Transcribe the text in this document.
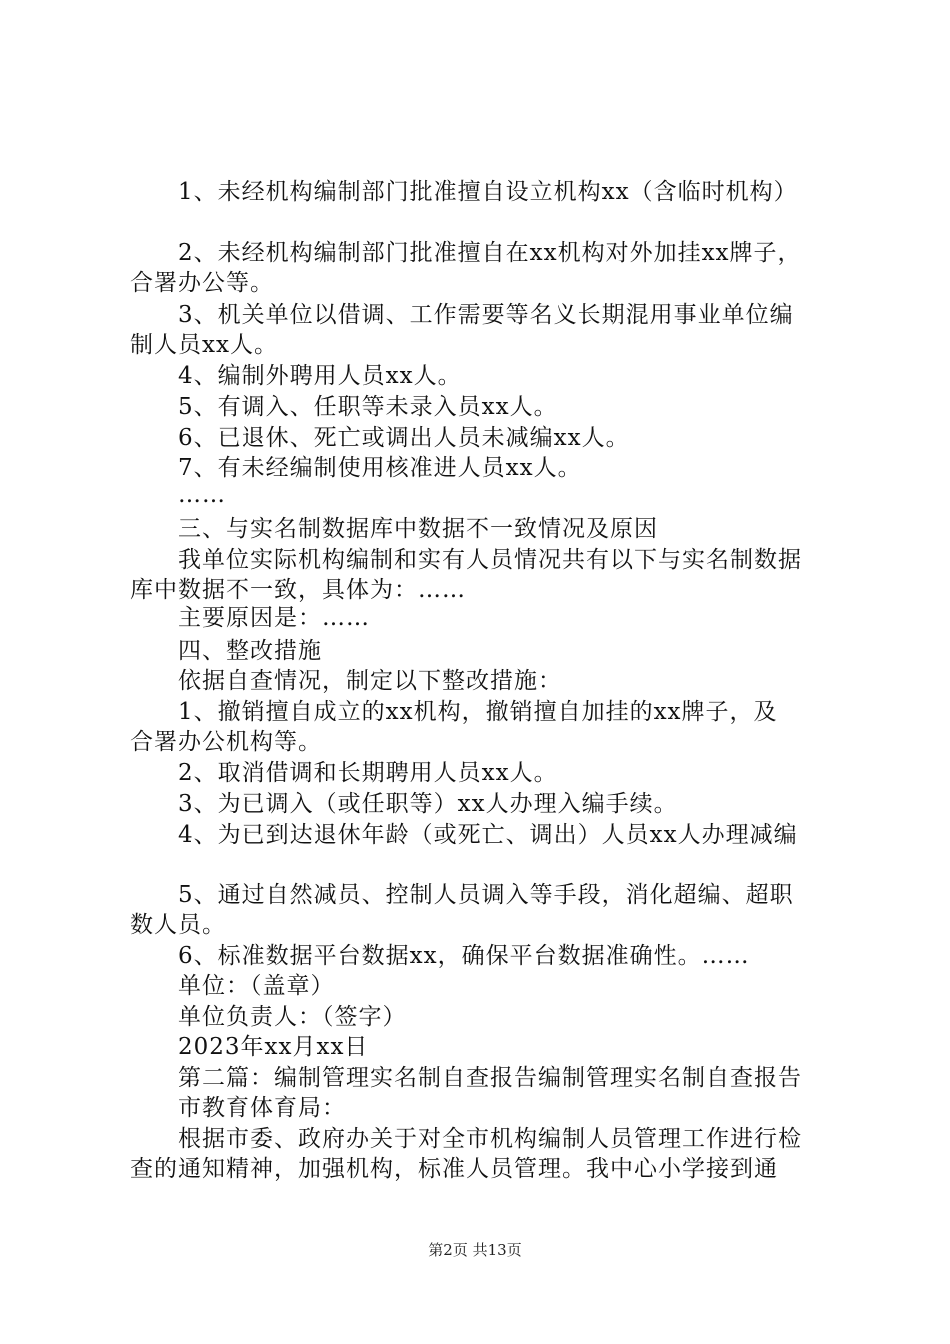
1、未经机构编制部门批准擅自设立机构xx（含临时机构）
2、未经机构编制部门批准擅自在xx机构对外加挂xx牌子，
合署办公等。
3、机关单位以借调、工作需要等名义长期混用事业单位编
制人员xx人。
4、编制外聘用人员xx人。
5、有调入、任职等未录入员xx人。
6、已退休、死亡或调出人员未减编xx人。
7、有未经编制使用核准进人员xx人。
……
三、与实名制数据库中数据不一致情况及原因
我单位实际机构编制和实有人员情况共有以下与实名制数据
库中数据不一致，具体为：……
主要原因是：……
四、整改措施
依据自查情况，制定以下整改措施：
1、撤销擅自成立的xx机构，撤销擅自加挂的xx牌子，及
合署办公机构等。
2、取消借调和长期聘用人员xx人。
3、为已调入（或任职等）xx人办理入编手续。
4、为已到达退休年龄（或死亡、调出）人员xx人办理减编
5、通过自然减员、控制人员调入等手段，消化超编、超职
数人员。
6、标准数据平台数据xx，确保平台数据准确性。……
单位：（盖章）
单位负责人：（签字）
2023年xx月xx日
第二篇：编制管理实名制自查报告编制管理实名制自查报告
市教育体育局：
根据市委、政府办关于对全市机构编制人员管理工作进行检
查的通知精神，加强机构，标准人员管理。我中心小学接到通
第2页 共13页
